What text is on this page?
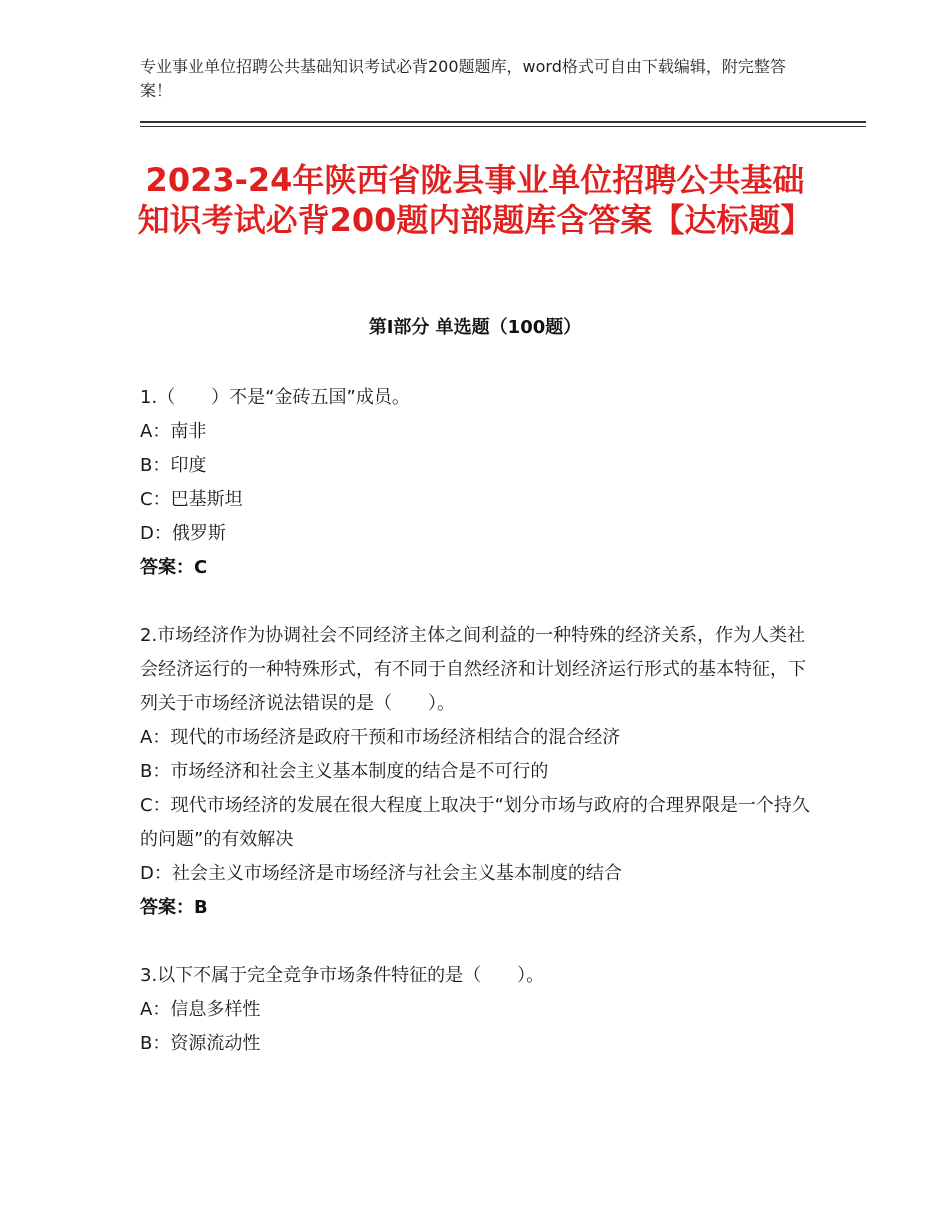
专业事业单位招聘公共基础知识考试必背200题题库，word格式可自由下载编辑，附完整答案！
2023-24年陕西省陇县事业单位招聘公共基础知识考试必背200题内部题库含答案【达标题】
第Ⅰ部分 单选题（100题）
1.（　　）不是“金砖五国”成员。
A：南非
B：印度
C：巴基斯坦
D：俄罗斯
答案：C
2.市场经济作为协调社会不同经济主体之间利益的一种特殊的经济关系，作为人类社会经济运行的一种特殊形式，有不同于自然经济和计划经济运行形式的基本特征，下列关于市场经济说法错误的是（　　）。
A：现代的市场经济是政府干预和市场经济相结合的混合经济
B：市场经济和社会主义基本制度的结合是不可行的
C：现代市场经济的发展在很大程度上取决于“划分市场与政府的合理界限是一个持久的问题”的有效解决
D：社会主义市场经济是市场经济与社会主义基本制度的结合
答案：B
3.以下不属于完全竞争市场条件特征的是（　　）。
A：信息多样性
B：资源流动性
